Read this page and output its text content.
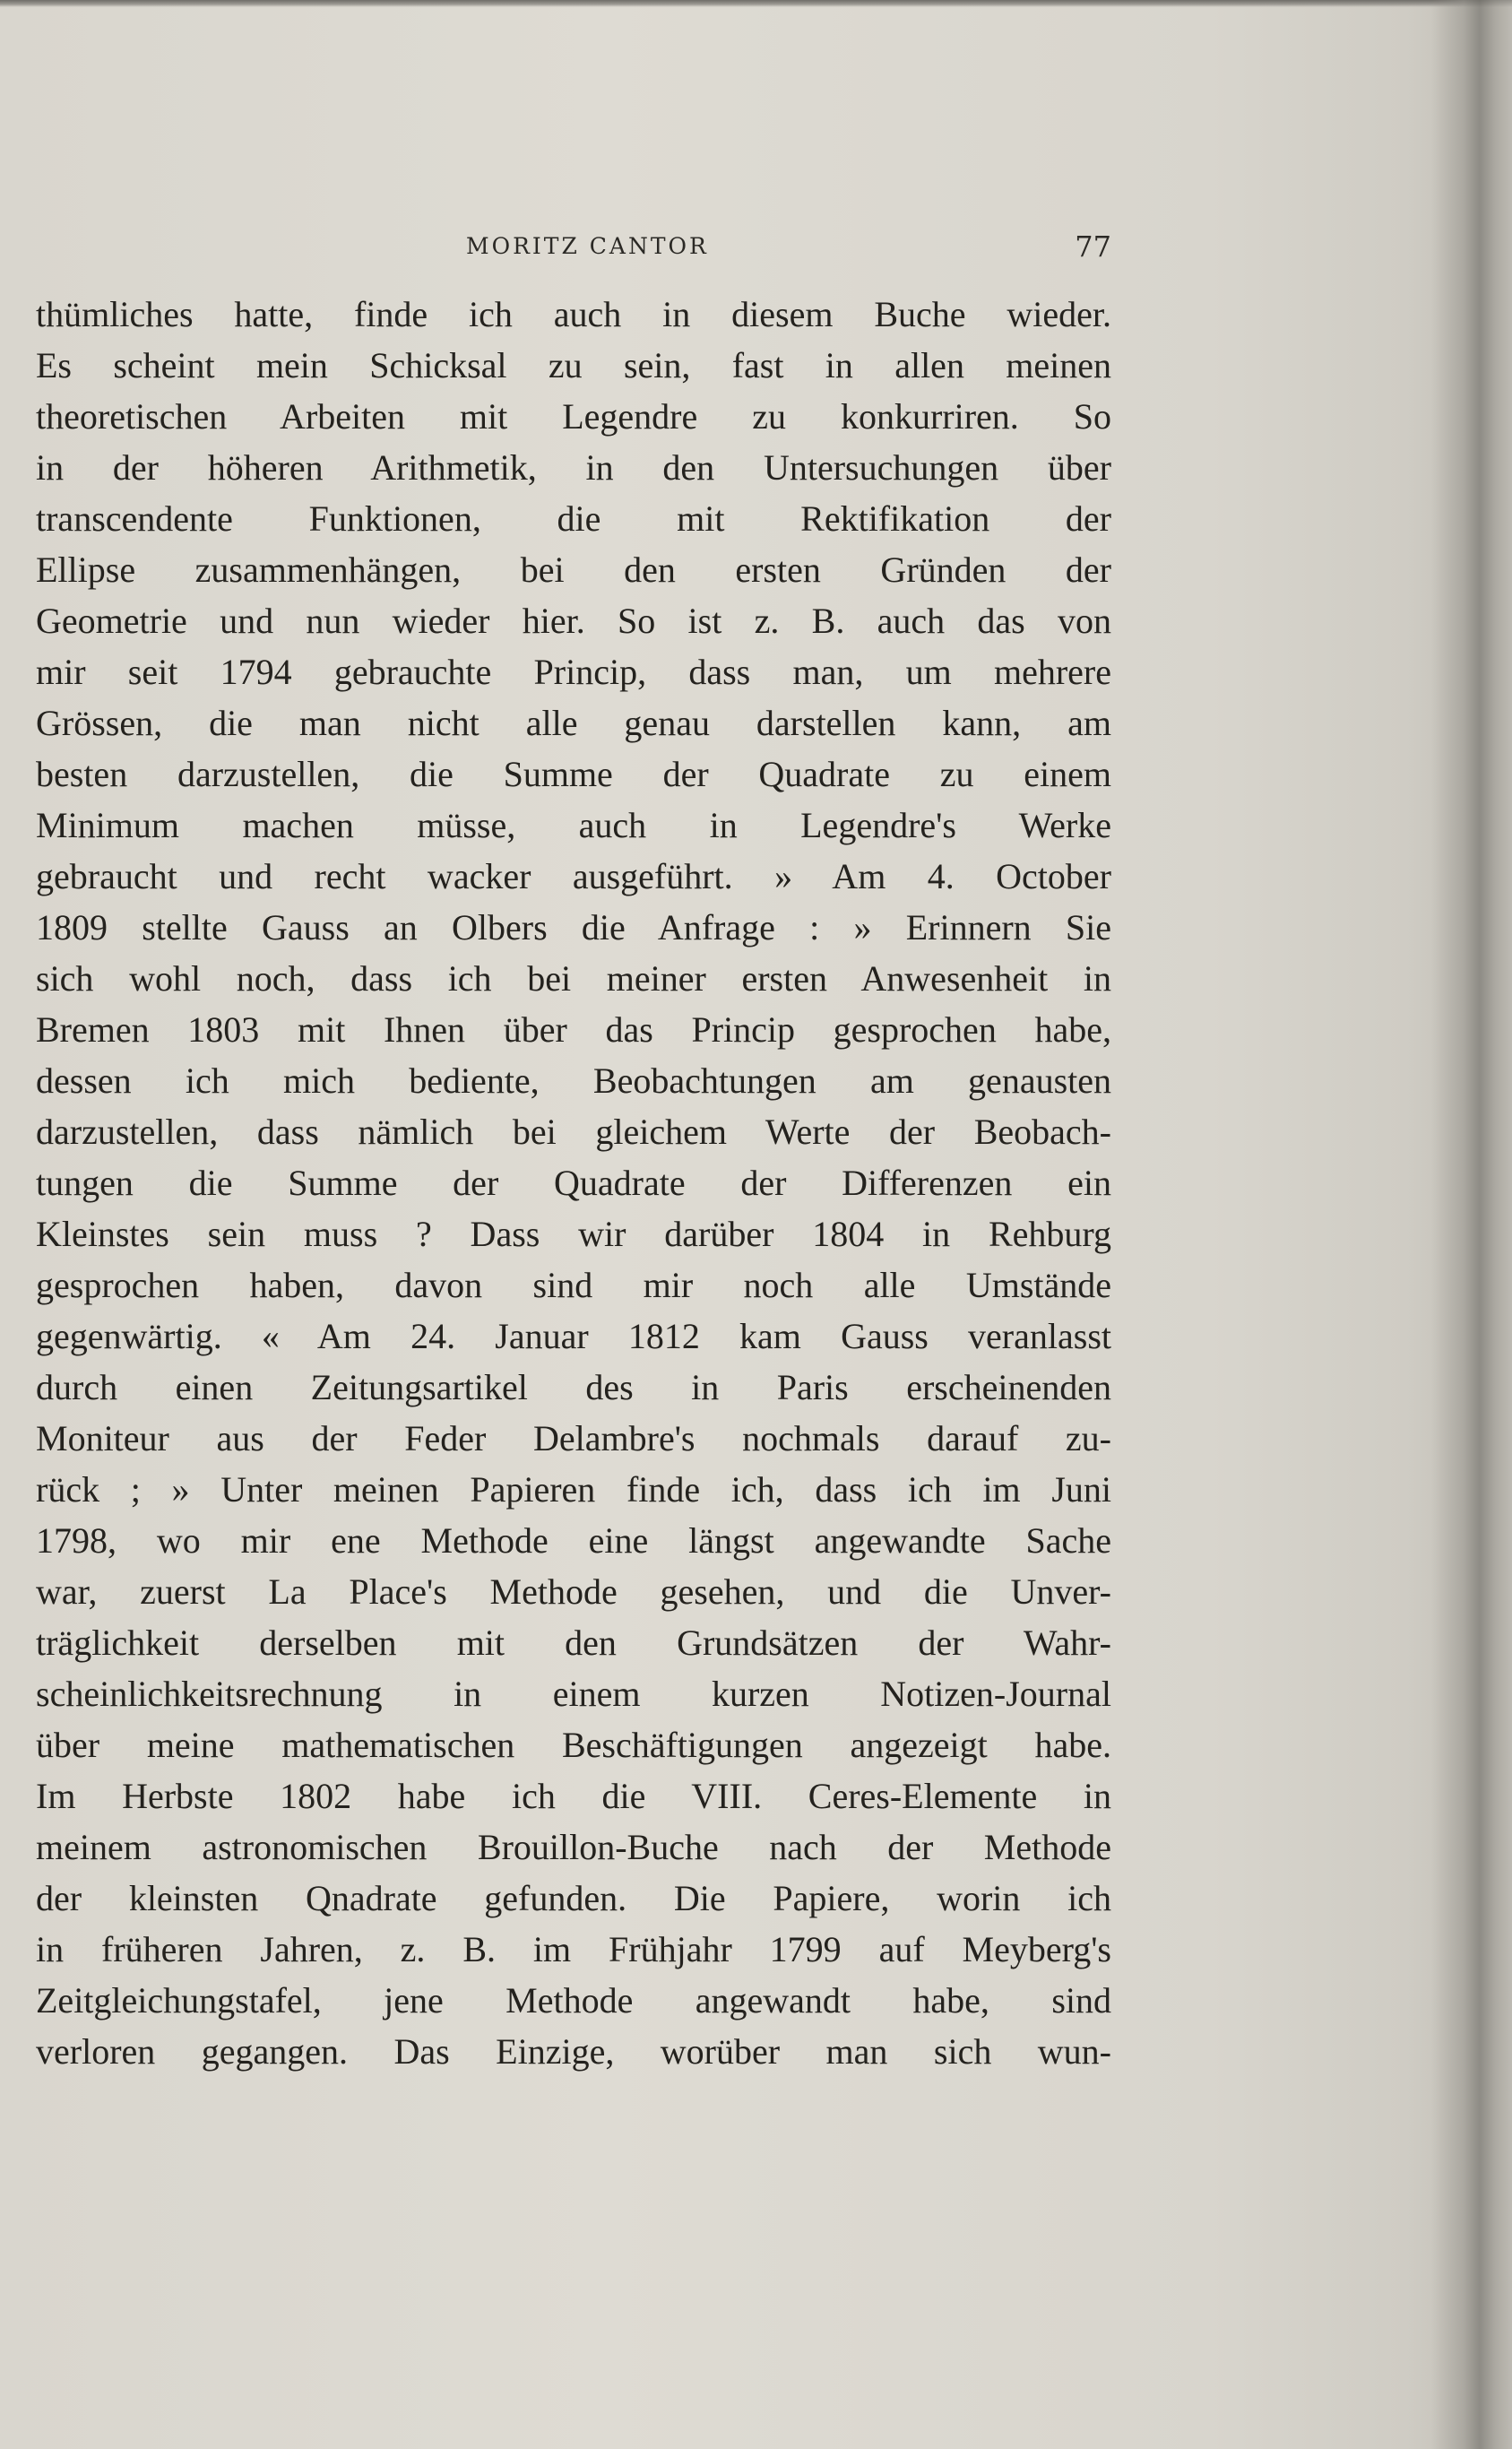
MORITZ CANTOR	77
thümliches hatte, finde ich auch in diesem Buche wieder.
Es scheint mein Schicksal zu sein, fast in allen meinen
theoretischen Arbeiten mit Legendre zu konkurriren. So
in der höheren Arithmetik, in den Untersuchungen über
transcendente Funktionen, die mit Rektifikation der
Ellipse zusammenhängen, bei den ersten Gründen der
Geometrie und nun wieder hier. So ist z. B. auch das von
mir seit 1794 gebrauchte Princip, dass man, um mehrere
Grössen, die man nicht alle genau darstellen kann, am
besten darzustellen, die Summe der Quadrate zu einem
Minimum machen müsse, auch in Legendre's Werke
gebraucht und recht wacker ausgeführt. » Am 4. October
1809 stellte Gauss an Olbers die Anfrage : » Erinnern Sie
sich wohl noch, dass ich bei meiner ersten Anwesenheit in
Bremen 1803 mit Ihnen über das Princip gesprochen habe,
dessen ich mich bediente, Beobachtungen am genausten
darzustellen, dass nämlich bei gleichem Werte der Beobach-
tungen die Summe der Quadrate der Differenzen ein
Kleinstes sein muss ? Dass wir darüber 1804 in Rehburg
gesprochen haben, davon sind mir noch alle Umstände
gegenwärtig. « Am 24. Januar 1812 kam Gauss veranlasst
durch einen Zeitungsartikel des in Paris erscheinenden
Moniteur aus der Feder Delambre's nochmals darauf zu-
rück ; » Unter meinen Papieren finde ich, dass ich im Juni
1798, wo mir ene Methode eine längst angewandte Sache
war, zuerst La Place's Methode gesehen, und die Unver-
träglichkeit derselben mit den Grundsätzen der Wahr-
scheinlichkeitsrechnung in einem kurzen Notizen-Journal
über meine mathematischen Beschäftigungen angezeigt habe.
Im Herbste 1802 habe ich die VIII. Ceres-Elemente in
meinem astronomischen Brouillon-Buche nach der Methode
der kleinsten Qnadrate gefunden. Die Papiere, worin ich
in früheren Jahren, z. B. im Frühjahr 1799 auf Meyberg's
Zeitgleichungstafel, jene Methode angewandt habe, sind
verloren gegangen. Das Einzige, worüber man sich wun-
